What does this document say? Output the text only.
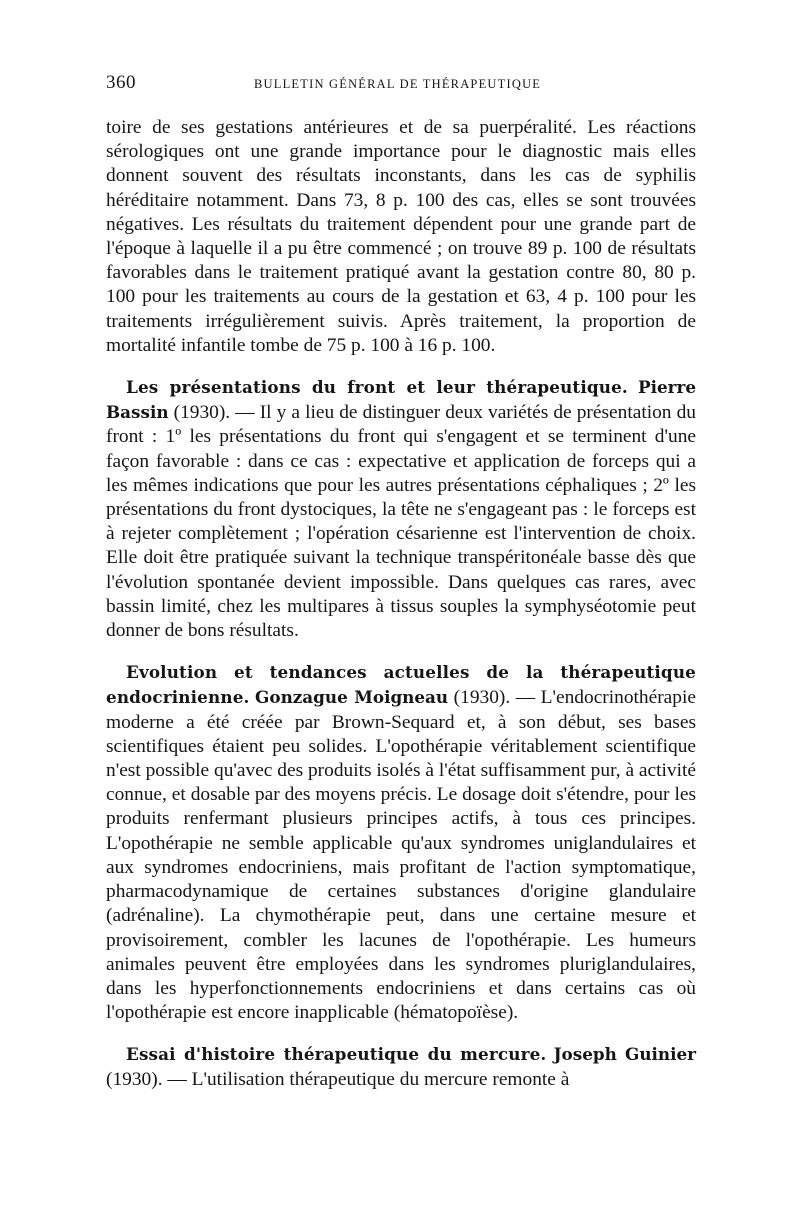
360	BULLETIN GÉNÉRAL DE THÉRAPEUTIQUE

toire de ses gestations antérieures et de sa puerpéralité. Les réactions sérologiques ont une grande importance pour le diagnostic mais elles donnent souvent des résultats inconstants, dans les cas de syphilis héréditaire notamment. Dans 73, 8 p. 100 des cas, elles se sont trouvées négatives. Les résultats du traitement dépendent pour une grande part de l'époque à laquelle il a pu être commencé ; on trouve 89 p. 100 de résultats favorables dans le traitement pratiqué avant la gestation contre 80, 80 p. 100 pour les traitements au cours de la gestation et 63, 4 p. 100 pour les traitements irrégulièrement suivis. Après traitement, la proportion de mortalité infantile tombe de 75 p. 100 à 16 p. 100.

Les présentations du front et leur thérapeutique. Pierre Bassin (1930). — Il y a lieu de distinguer deux variétés de présentation du front : 1º les présentations du front qui s'engagent et se terminent d'une façon favorable : dans ce cas : expectative et application de forceps qui a les mêmes indications que pour les autres présentations céphaliques ; 2º les présentations du front dystociques, la tête ne s'engageant pas : le forceps est à rejeter complètement ; l'opération césarienne est l'intervention de choix. Elle doit être pratiquée suivant la technique transpéritonéale basse dès que l'évolution spontanée devient impossible. Dans quelques cas rares, avec bassin limité, chez les multipares à tissus souples la symphyséotomie peut donner de bons résultats.

Evolution et tendances actuelles de la thérapeutique endocrinienne. Gonzague Moigneau (1930). — L'endocrinothérapie moderne a été créée par Brown-Sequard et, à son début, ses bases scientifiques étaient peu solides. L'opothérapie véritablement scientifique n'est possible qu'avec des produits isolés à l'état suffisamment pur, à activité connue, et dosable par des moyens précis. Le dosage doit s'étendre, pour les produits renfermant plusieurs principes actifs, à tous ces principes. L'opothérapie ne semble applicable qu'aux syndromes uniglandulaires et aux syndromes endocriniens, mais profitant de l'action symptomatique, pharmacodynamique de certaines substances d'origine glandulaire (adrénaline). La chymothérapie peut, dans une certaine mesure et provisoirement, combler les lacunes de l'opothérapie. Les humeurs animales peuvent être employées dans les syndromes pluriglandulaires, dans les hyperfonctionnements endocriniens et dans certains cas où l'opothérapie est encore inapplicable (hématopoïèse).

Essai d'histoire thérapeutique du mercure. Joseph Guinier (1930). — L'utilisation thérapeutique du mercure remonte à
